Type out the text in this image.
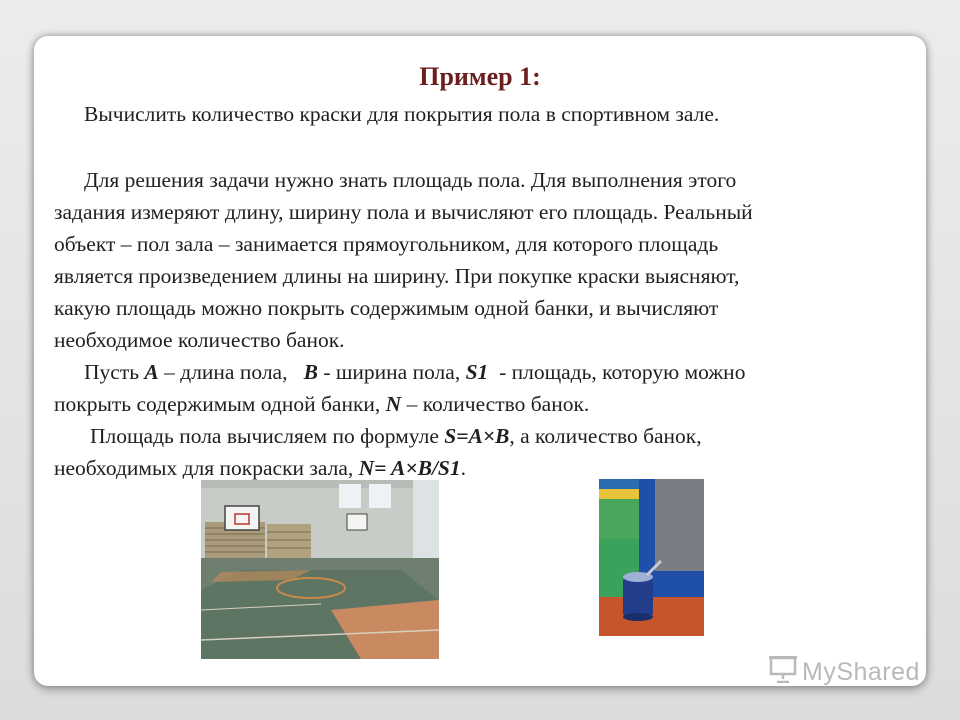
Пример 1:

Вычислить количество краски для покрытия пола в спортивном зале.

Для решения задачи нужно знать площадь пола. Для выполнения этого
задания измеряют длину, ширину пола и вычисляют его площадь. Реальный
объект – пол зала – занимается прямоугольником, для которого площадь
является произведением длины на ширину. При покупке краски выясняют,
какую площадь можно покрыть содержимым одной банки, и вычисляют
необходимое количество банок.

Пусть A – длина пола,   B - ширина пола, S1  - площадь, которую можно
покрыть содержимым одной банки, N – количество банок.

Площадь пола вычисляем по формуле S=A×B, а количество банок,
необходимых для покраски зала, N= A×B/S1.

MyShared
